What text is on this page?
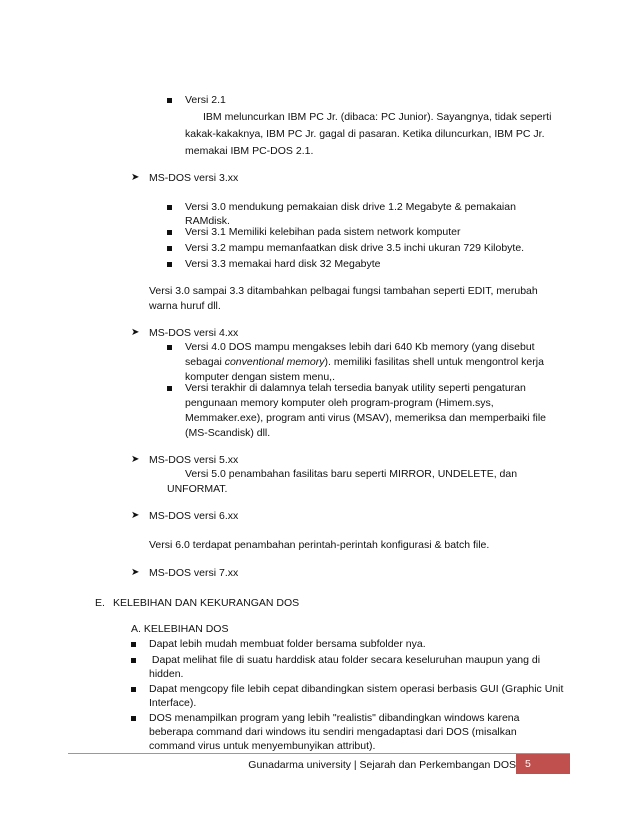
Versi 2.1
IBM meluncurkan IBM PC Jr. (dibaca: PC Junior). Sayangnya, tidak seperti
kakak-kakaknya, IBM PC Jr. gagal di pasaran. Ketika diluncurkan, IBM PC Jr.
memakai IBM PC-DOS 2.1.
➤ MS-DOS versi 3.xx
Versi 3.0 mendukung pemakaian disk drive 1.2 Megabyte & pemakaian
RAMdisk.
Versi 3.1 Memiliki kelebihan pada sistem network komputer
Versi 3.2 mampu memanfaatkan disk drive 3.5 inchi ukuran 729 Kilobyte.
Versi 3.3 memakai hard disk 32 Megabyte
Versi 3.0 sampai 3.3 ditambahkan pelbagai fungsi tambahan seperti EDIT, merubah
warna huruf dll.
➤ MS-DOS versi 4.xx
Versi 4.0 DOS mampu mengakses lebih dari 640 Kb memory (yang disebut
sebagai conventional memory). memiliki fasilitas shell untuk mengontrol kerja
komputer dengan sistem menu,.
Versi terakhir di dalamnya telah tersedia banyak utility seperti pengaturan
pengunaan memory komputer oleh program-program (Himem.sys,
Memmaker.exe), program anti virus (MSAV), memeriksa dan memperbaiki file
(MS-Scandisk) dll.
➤ MS-DOS versi 5.xx
Versi 5.0 penambahan fasilitas baru seperti MIRROR, UNDELETE, dan
UNFORMAT.
➤ MS-DOS versi 6.xx
Versi 6.0 terdapat penambahan perintah-perintah konfigurasi & batch file.
➤ MS-DOS versi 7.xx
E. KELEBIHAN DAN KEKURANGAN DOS
A. KELEBIHAN DOS
Dapat lebih mudah membuat folder bersama subfolder nya.
Dapat melihat file di suatu harddisk atau folder secara keseluruhan maupun yang di
hidden.
Dapat mengcopy file lebih cepat dibandingkan sistem operasi berbasis GUI (Graphic Unit
Interface).
DOS menampilkan program yang lebih "realistis" dibandingkan windows karena
beberapa command dari windows itu sendiri mengadaptasi dari DOS (misalkan
command virus untuk menyembunyikan attribut).
Gunadarma university | Sejarah dan Perkembangan DOS 5
